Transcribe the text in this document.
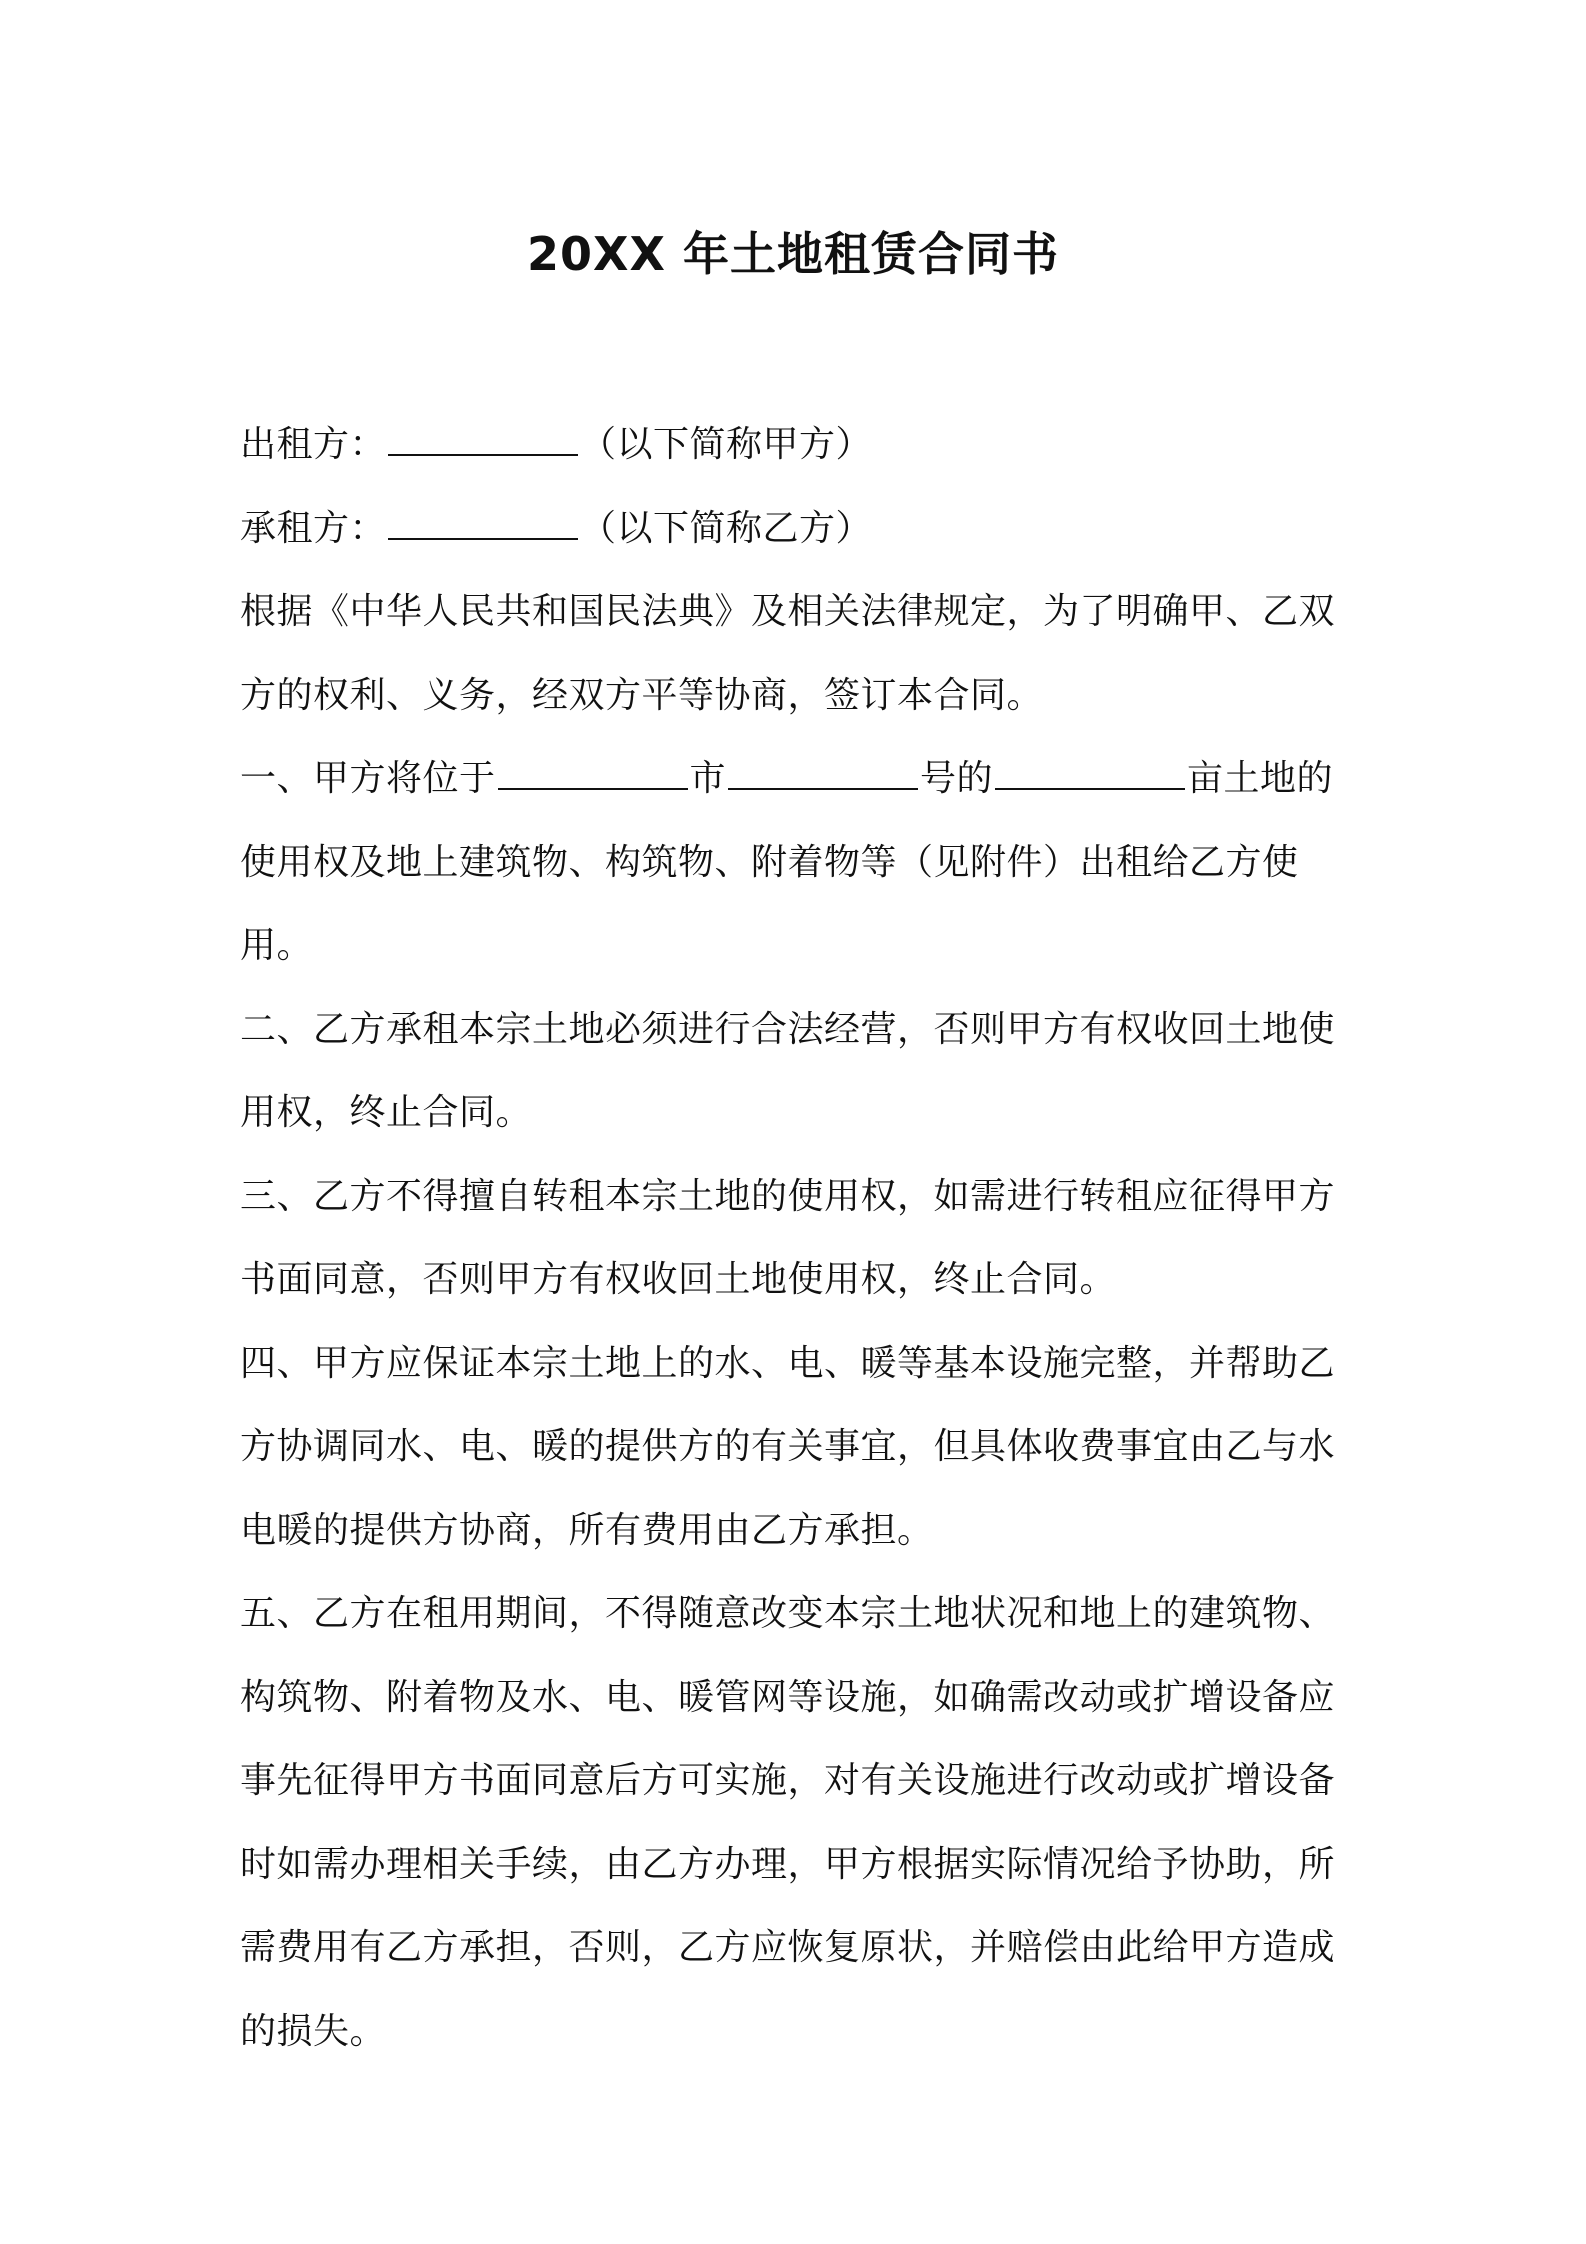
20XX 年土地租赁合同书

出租方：	（以下简称甲方）

承租方：	（以下简称乙方）

根据《中华人民共和国民法典》及相关法律规定，为了明确甲、乙双方的权利、义务，经双方平等协商，签订本合同。

一、甲方将位于	市	号的	亩土地的使用权及地上建筑物、构筑物、附着物等（见附件）出租给乙方使用。

二、乙方承租本宗土地必须进行合法经营，否则甲方有权收回土地使用权，终止合同。

三、乙方不得擅自转租本宗土地的使用权，如需进行转租应征得甲方书面同意，否则甲方有权收回土地使用权，终止合同。

四、甲方应保证本宗土地上的水、电、暖等基本设施完整，并帮助乙方协调同水、电、暖的提供方的有关事宜，但具体收费事宜由乙与水电暖的提供方协商，所有费用由乙方承担。

五、乙方在租用期间，不得随意改变本宗土地状况和地上的建筑物、构筑物、附着物及水、电、暖管网等设施，如确需改动或扩增设备应事先征得甲方书面同意后方可实施，对有关设施进行改动或扩增设备时如需办理相关手续，由乙方办理，甲方根据实际情况给予协助，所需费用有乙方承担，否则，乙方应恢复原状，并赔偿由此给甲方造成的损失。
